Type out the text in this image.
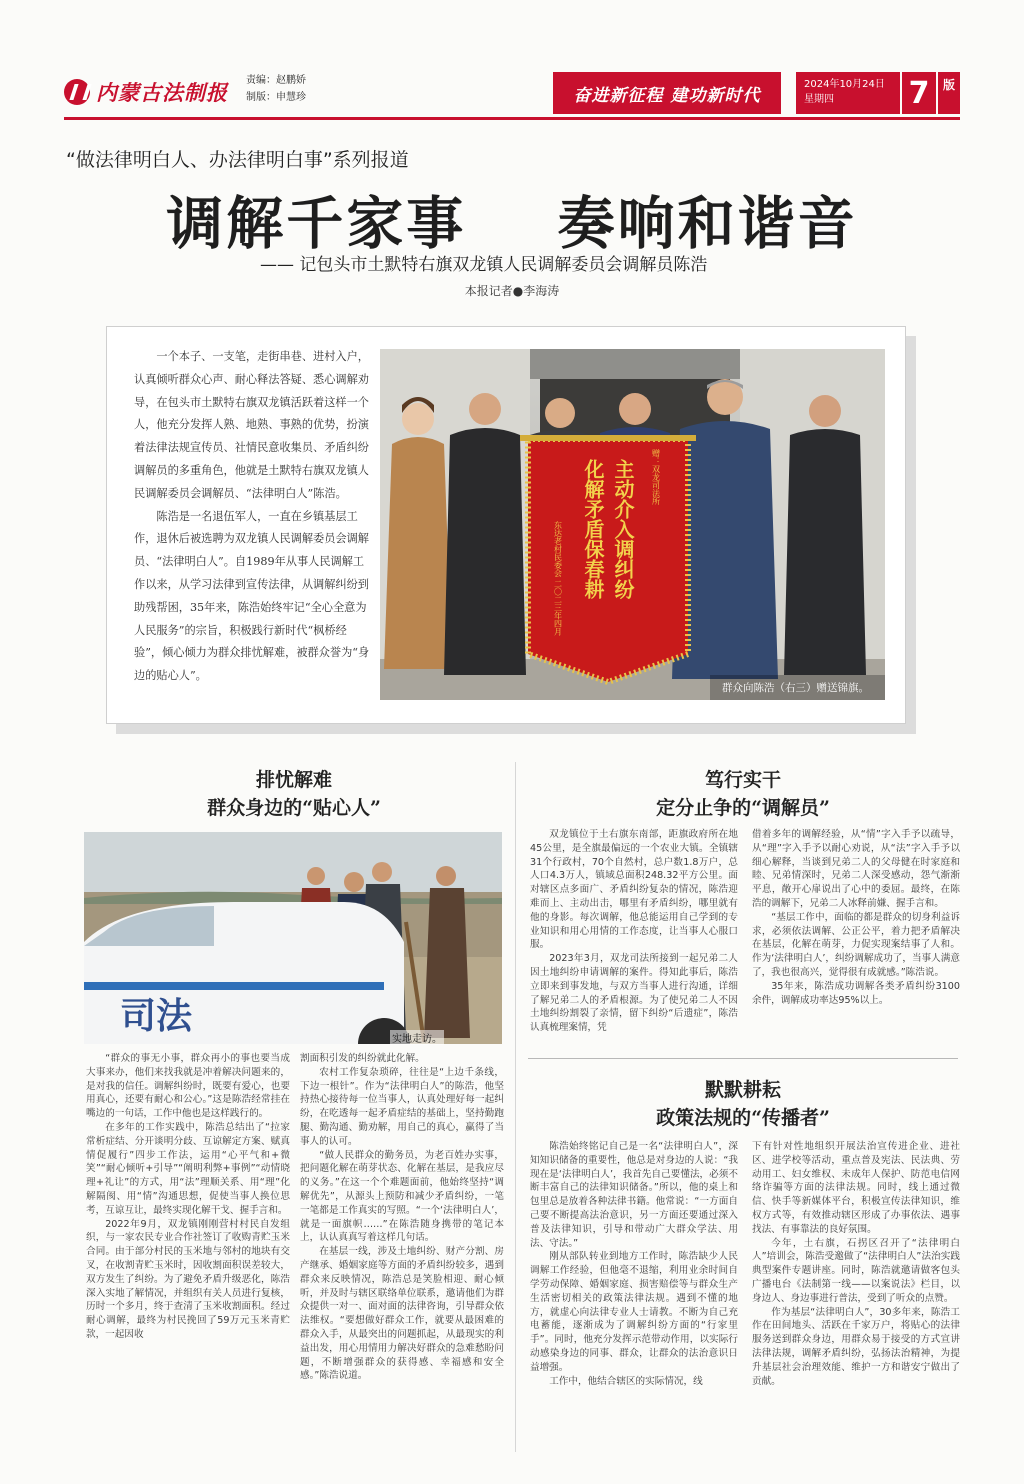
内蒙古法制报 责编：赵鹏娇
制版：申慧珍	奋进新征程 建功新时代
2024年10月24日
星期四	7	版
“做法律明白人、办法律明白事”系列报道
调解千家事    奏响和谐音
—— 记包头市土默特右旗双龙镇人民调解委员会调解员陈浩
本报记者●李海涛

一个本子、一支笔，走街串巷、进村入户，认真倾听群众心声、耐心释法答疑、悉心调解劝导，在包头市土默特右旗双龙镇活跃着这样一个人，他充分发挥人熟、地熟、事熟的优势，扮演着法律法规宣传员、社情民意收集员、矛盾纠纷调解员的多重角色，他就是土默特右旗双龙镇人民调解委员会调解员、“法律明白人”陈浩。

陈浩是一名退伍军人，一直在乡镇基层工作，退休后被选聘为双龙镇人民调解委员会调解员、“法律明白人”。自1989年从事人民调解工作以来，从学习法律到宣传法律，从调解纠纷到助残帮困，35年来，陈浩始终牢记“全心全意为人民服务”的宗旨，积极践行新时代“枫桥经验”，倾心倾力为群众排忧解难，被群众誉为“身边的贴心人”。

主动介入调纠纷
化解矛盾保春耕	赠：双龙司法所
东达老村民委会 二〇二三年四月
群众向陈浩（右三）赠送锦旗。
排忧解难
群众身边的“贴心人”
司法
实地走访。

“群众的事无小事，群众再小的事也要当成大事来办，他们来找我就是冲着解决问题来的，是对我的信任。调解纠纷时，既要有爱心，也要用真心，还要有耐心和公心。”这是陈浩经常挂在嘴边的一句话，工作中他也是这样践行的。

在多年的工作实践中，陈浩总结出了“拉家常析症结、分开谈明分歧、互谅解定方案、赋真情促履行”四步工作法，运用“心平气和+微笑”“耐心倾听+引导”“阐明利弊+事例”“动情晓理+礼让”的方式，用“法”理顺关系、用“理”化解隔阂、用“情”沟通思想，促使当事人换位思考，互谅互让，最终实现化解干戈、握手言和。

2022年9月，双龙镇刚刚营村村民自发组织，与一家农民专业合作社签订了收购青贮玉米合同。由于部分村民的玉米地与邻村的地块有交叉，在收割青贮玉米时，因收割面积误差较大，双方发生了纠纷。为了避免矛盾升级恶化，陈浩深入实地了解情况，并组织有关人员进行复核，历时一个多月，终于查清了玉米收割面积。经过耐心调解，最终为村民挽回了59万元玉米青贮款，一起因收

割面积引发的纠纷就此化解。

农村工作复杂琐碎，往往是“上边千条线，下边一根针”。作为“法律明白人”的陈浩，他坚持热心接待每一位当事人，认真处理好每一起纠纷，在吃透每一起矛盾症结的基础上，坚持勤跑腿、勤沟通、勤劝解，用自己的真心，赢得了当事人的认可。

“做人民群众的勤务员，为老百姓办实事，把问题化解在萌芽状态、化解在基层，是我应尽的义务。”在这一个个难题面前，他始终坚持“调解优先”，从源头上预防和减少矛盾纠纷，一笔一笔都是工作真实的写照。“一个‘法律明白人’，就是一面旗帜……”在陈浩随身携带的笔记本上，认认真真写着这样几句话。

在基层一线，涉及土地纠纷、财产分割、房产继承、婚姻家庭等方面的矛盾纠纷较多，遇到群众来反映情况，陈浩总是笑脸相迎、耐心倾听，并及时与辖区联络单位联系，邀请他们为群众提供一对一、面对面的法律咨询，引导群众依法维权。“要想做好群众工作，就要从最困难的群众入手，从最突出的问题抓起，从最现实的利益出发，用心用情用力解决好群众的急难愁盼问题，不断增强群众的获得感、幸福感和安全感。”陈浩说道。

笃行实干
定分止争的“调解员”

双龙镇位于土右旗东南部，距旗政府所在地45公里，是全旗最偏远的一个农业大镇。全镇辖31个行政村，70个自然村，总户数1.8万户，总人口4.3万人，镇域总面积248.32平方公里。面对辖区点多面广、矛盾纠纷复杂的情况，陈浩迎难而上、主动出击，哪里有矛盾纠纷，哪里就有他的身影。每次调解，他总能运用自己学到的专业知识和用心用情的工作态度，让当事人心服口服。

2023年3月，双龙司法所接到一起兄弟二人因土地纠纷申请调解的案件。得知此事后，陈浩立即来到事发地，与双方当事人进行沟通，详细了解兄弟二人的矛盾根源。为了使兄弟二人不因土地纠纷割裂了亲情，留下纠纷“后遗症”，陈浩认真梳理案情，凭

借着多年的调解经验，从“情”字入手予以疏导，从“理”字入手予以耐心劝说，从“法”字入手予以细心解释，当谈到兄弟二人的父母健在时家庭和睦、兄弟情深时，兄弟二人深受感动，怨气渐渐平息，敞开心扉说出了心中的委屈。最终，在陈浩的调解下，兄弟二人冰释前嫌、握手言和。

“基层工作中，面临的都是群众的切身利益诉求，必须依法调解、公正公平，着力把矛盾解决在基层，化解在萌芽，力促实现案结事了人和。作为‘法律明白人’，纠纷调解成功了，当事人满意了，我也很高兴，觉得很有成就感。”陈浩说。

35年来，陈浩成功调解各类矛盾纠纷3100余件，调解成功率达95%以上。

默默耕耘
政策法规的“传播者”

陈浩始终铭记自己是一名“法律明白人”，深知知识储备的重要性，他总是对身边的人说：“我现在是‘法律明白人’，我首先自己要懂法，必须不断丰富自己的法律知识储备。”所以，他的桌上和包里总是放着各种法律书籍。他常说：“一方面自己要不断提高法治意识，另一方面还要通过深入普及法律知识，引导和带动广大群众学法、用法、守法。”

刚从部队转业到地方工作时，陈浩缺少人民调解工作经验，但他毫不退缩，利用业余时间自学劳动保障、婚姻家庭、损害赔偿等与群众生产生活密切相关的政策法律法规。遇到不懂的地方，就虚心向法律专业人士请教。不断为自己充电蓄能，逐渐成为了调解纠纷方面的“行家里手”。同时，他充分发挥示范带动作用，以实际行动感染身边的同事、群众，让群众的法治意识日益增强。

工作中，他结合辖区的实际情况，线

下有针对性地组织开展法治宣传进企业、进社区、进学校等活动，重点普及宪法、民法典、劳动用工、妇女维权、未成年人保护、防范电信网络诈骗等方面的法律法规。同时，线上通过微信、快手等新媒体平台，积极宣传法律知识，维权方式等，有效推动辖区形成了办事依法、遇事找法、有事靠法的良好氛围。

今年，土右旗，石拐区召开了“法律明白人”培训会，陈浩受邀做了“法律明白人”法治实践典型案件专题讲座。同时，陈浩就邀请做客包头广播电台《法制第一线——以案说法》栏目，以身边人、身边事进行普法，受到了听众的点赞。

作为基层“法律明白人”，30多年来，陈浩工作在田间地头、活跃在千家万户，将贴心的法律服务送到群众身边，用群众易于接受的方式宣讲法律法规，调解矛盾纠纷，弘扬法治精神，为提升基层社会治理效能、维护一方和谐安宁做出了贡献。
